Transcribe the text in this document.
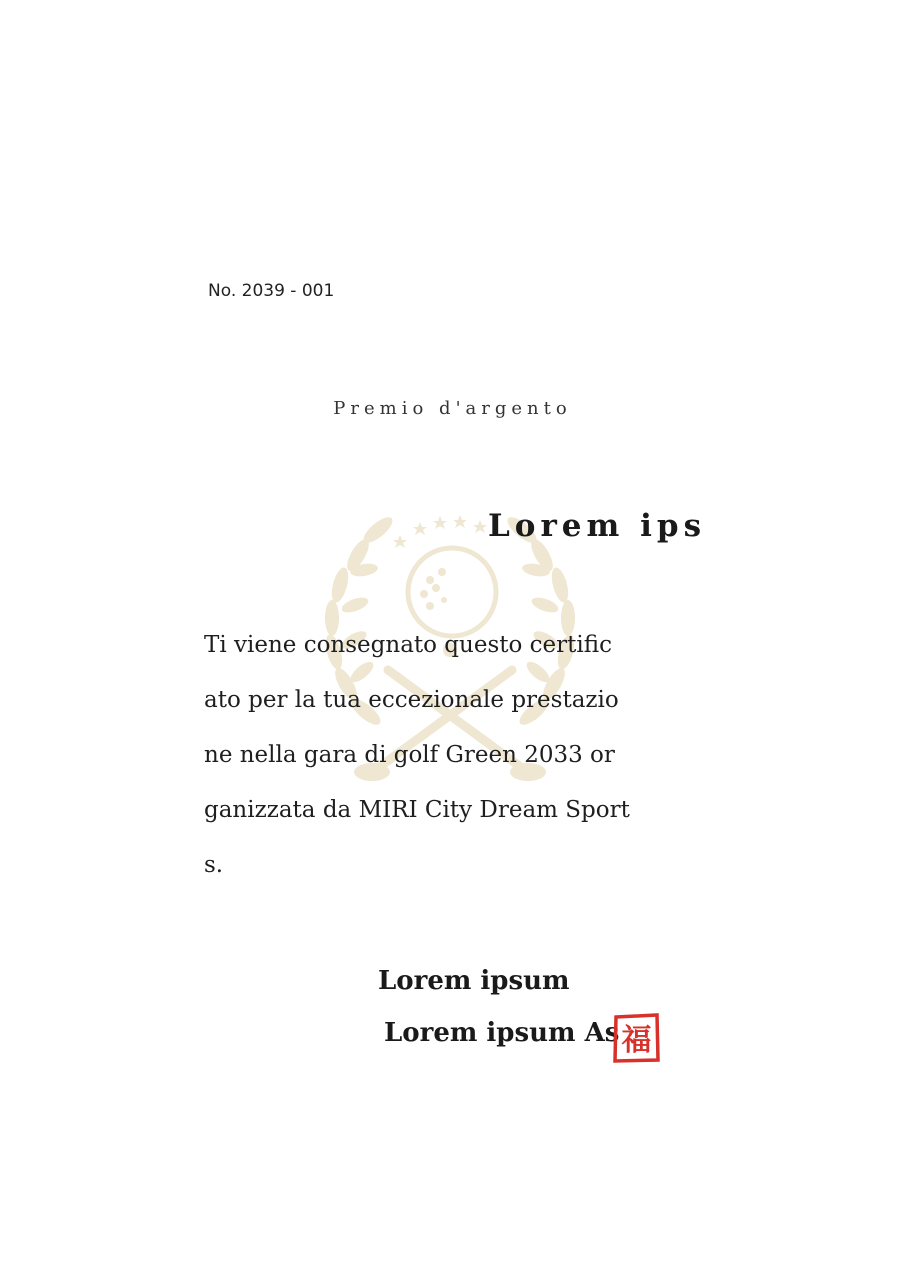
No. 2039 - 001
Premio d'argento
Lorem ips
Ti viene consegnato questo certific
ato per la tua eccezionale prestazio
ne nella gara di golf Green 2033 or
ganizzata da MIRI City Dream Sport
s.
Lorem ipsum
Lorem ipsum As 福
